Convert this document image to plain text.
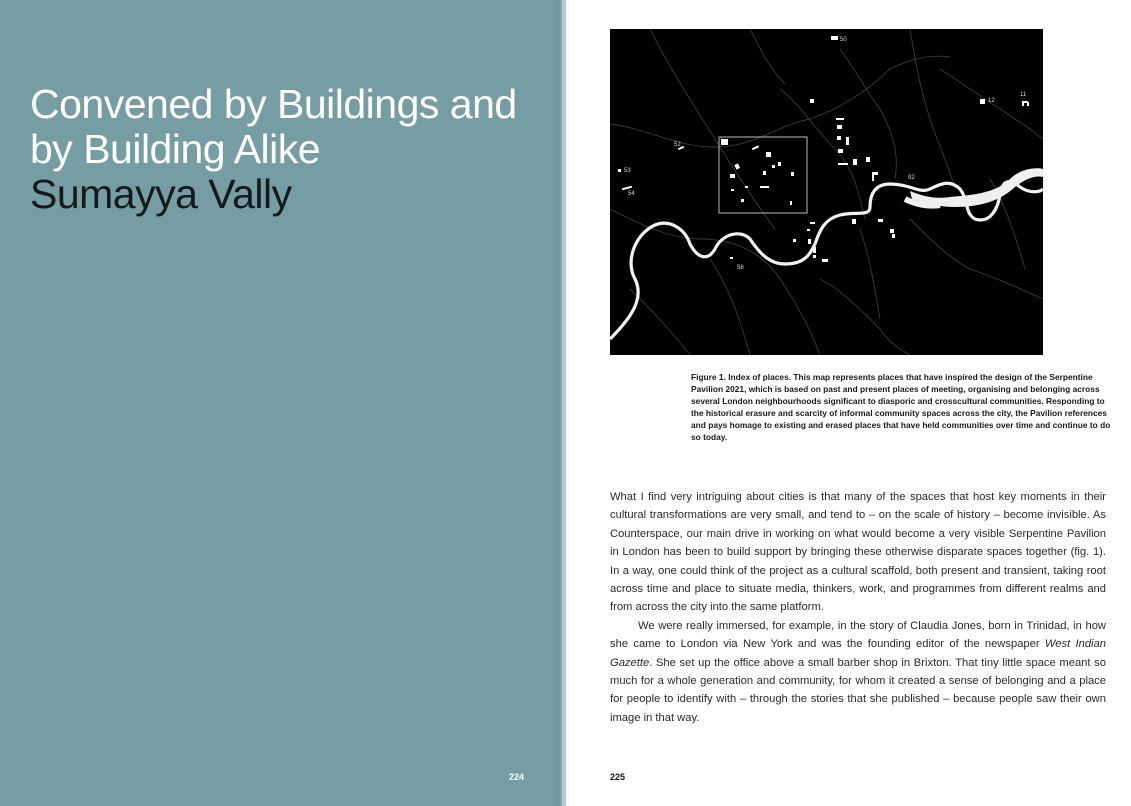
Convened by Buildings and
by Building Alike
Sumayya Vally
224
50
52
53
54
92
58
12
11
Figure 1. Index of places. This map represents places that have inspired the design of the Serpentine Pavilion 2021, which is based on past and present places of meeting, organising and belonging across several London neighbourhoods significant to diasporic and crosscultural communities. Responding to the historical erasure and scarcity of informal community spaces across the city, the Pavilion references and pays homage to existing and erased places that have held communities over time and continue to do so today.

What I find very intriguing about cities is that many of the spaces that host key moments in their cultural transformations are very small, and tend to – on the scale of history – become invisible. As Counterspace, our main drive in working on what would become a very visible Serpentine Pavilion in London has been to build support by bringing these otherwise disparate spaces together (fig. 1). In a way, one could think of the project as a cultural scaffold, both present and transient, taking root across time and place to situate media, thinkers, work, and programmes from different realms and from across the city into the same platform.

We were really immersed, for example, in the story of Claudia Jones, born in Trinidad, in how she came to London via New York and was the founding editor of the newspaper West Indian Gazette. She set up the office above a small barber shop in Brixton. That tiny little space meant so much for a whole generation and community, for whom it created a sense of belonging and a place for people to identify with – through the stories that she published – because people saw their own image in that way.

225
